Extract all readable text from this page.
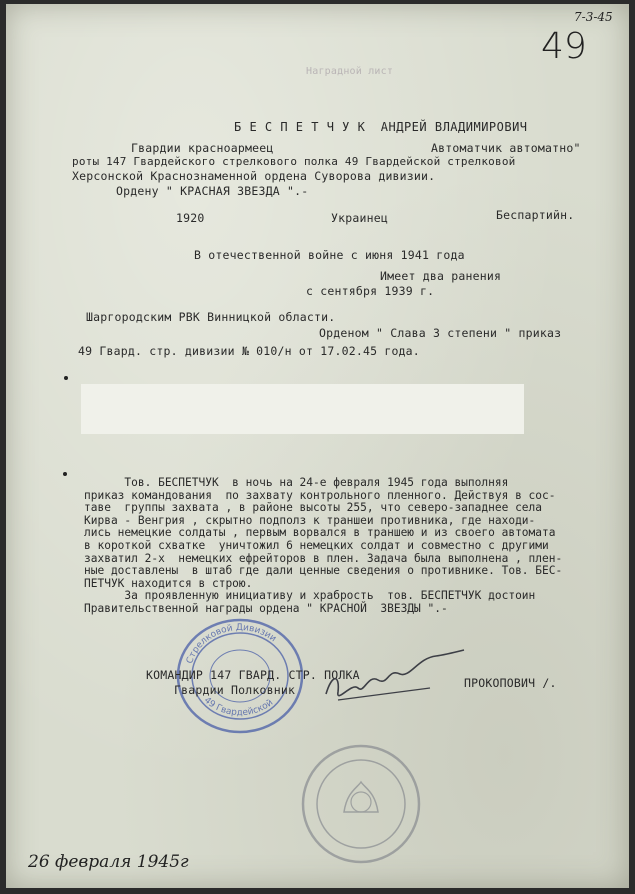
7-3-45
49
Наградной лист
Б Е С П Е Т Ч У К  АНДРЕЙ ВЛАДИМИРОВИЧ
Гвардии красноармеец	Автоматчик автоматно"
роты 147 Гвардейского стрелкового полка 49 Гвардейской стрелковой
Херсонской Краснознаменной ордена Суворова дивизии.
Ордену " КРАСНАЯ ЗВЕЗДА ".-
1920	Украинец	Беспартийн.
В отечественной войне с июня 1941 года
Имеет два ранения
с сентября 1939 г.
Шаргородским РВК Винницкой области.
Орденом " Слава 3 степени " приказ
49 Гвард. стр. дивизии № 010/н от 17.02.45 года.
Тов. БЕСПЕТЧУК  в ночь на 24-е февраля 1945 года выполняя
приказ командования  по захвату контрольного пленного. Действуя в сос-
таве  группы захвата , в районе высоты 255, что северо-западнее села
Кирва - Венгрия , скрытно подполз к траншеи противника, где находи-
лись немецкие солдаты , первым ворвался в траншею и из своего автомата
в короткой схватке  уничтожил 6 немецких солдат и совместно с другими
захватил 2-х  немецких ефрейторов в плен. Задача была выполнена , плен-
ные доставлены  в штаб где дали ценные сведения о противнике. Тов. БЕС-
ПЕТЧУК находится в строю.
За проявленную инициативу и храбрость  тов. БЕСПЕТЧУК достоин
Правительственной награды ордена " КРАСНОЙ  ЗВЕЗДЫ ".-
Стрелковой Дивизии
49 Гвардейской
КОМАНДИР 147 ГВАРД. СТР. ПОЛКА
Гвардии Полковник	ПРОКОПОВИЧ /.
26 февраля 1945г
